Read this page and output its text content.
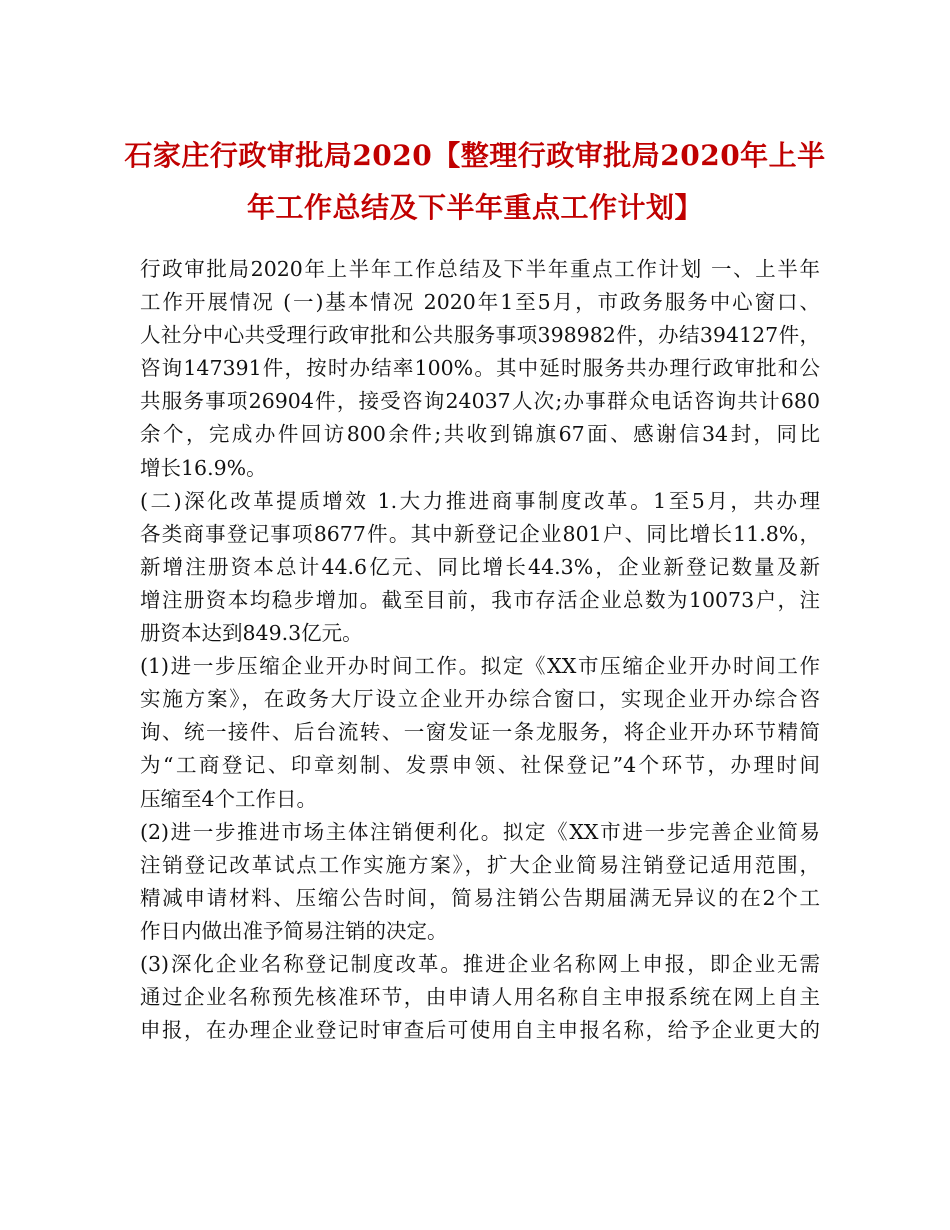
石家庄行政审批局2020【整理行政审批局2020年上半
年工作总结及下半年重点工作计划】
行政审批局2020年上半年工作总结及下半年重点工作计划 一、上半年
工作开展情况 (一)基本情况 2020年1至5月，市政务服务中心窗口、
人社分中心共受理行政审批和公共服务事项398982件，办结394127件，
咨询147391件，按时办结率100%。其中延时服务共办理行政审批和公
共服务事项26904件，接受咨询24037人次;办事群众电话咨询共计680
余个，完成办件回访800余件;共收到锦旗67面、感谢信34封，同比
增长16.9%。
(二)深化改革提质增效 1.大力推进商事制度改革。1至5月，共办理
各类商事登记事项8677件。其中新登记企业801户、同比增长11.8%，
新增注册资本总计44.6亿元、同比增长44.3%，企业新登记数量及新
增注册资本均稳步增加。截至目前，我市存活企业总数为10073户，注
册资本达到849.3亿元。
(1)进一步压缩企业开办时间工作。拟定《XX市压缩企业开办时间工作
实施方案》，在政务大厅设立企业开办综合窗口，实现企业开办综合咨
询、统一接件、后台流转、一窗发证一条龙服务，将企业开办环节精简
为“工商登记、印章刻制、发票申领、社保登记”4个环节，办理时间
压缩至4个工作日。
(2)进一步推进市场主体注销便利化。拟定《XX市进一步完善企业简易
注销登记改革试点工作实施方案》，扩大企业简易注销登记适用范围，
精减申请材料、压缩公告时间，简易注销公告期届满无异议的在2个工
作日内做出准予简易注销的决定。
(3)深化企业名称登记制度改革。推进企业名称网上申报，即企业无需
通过企业名称预先核准环节，由申请人用名称自主申报系统在网上自主
申报，在办理企业登记时审查后可使用自主申报名称，给予企业更大的
